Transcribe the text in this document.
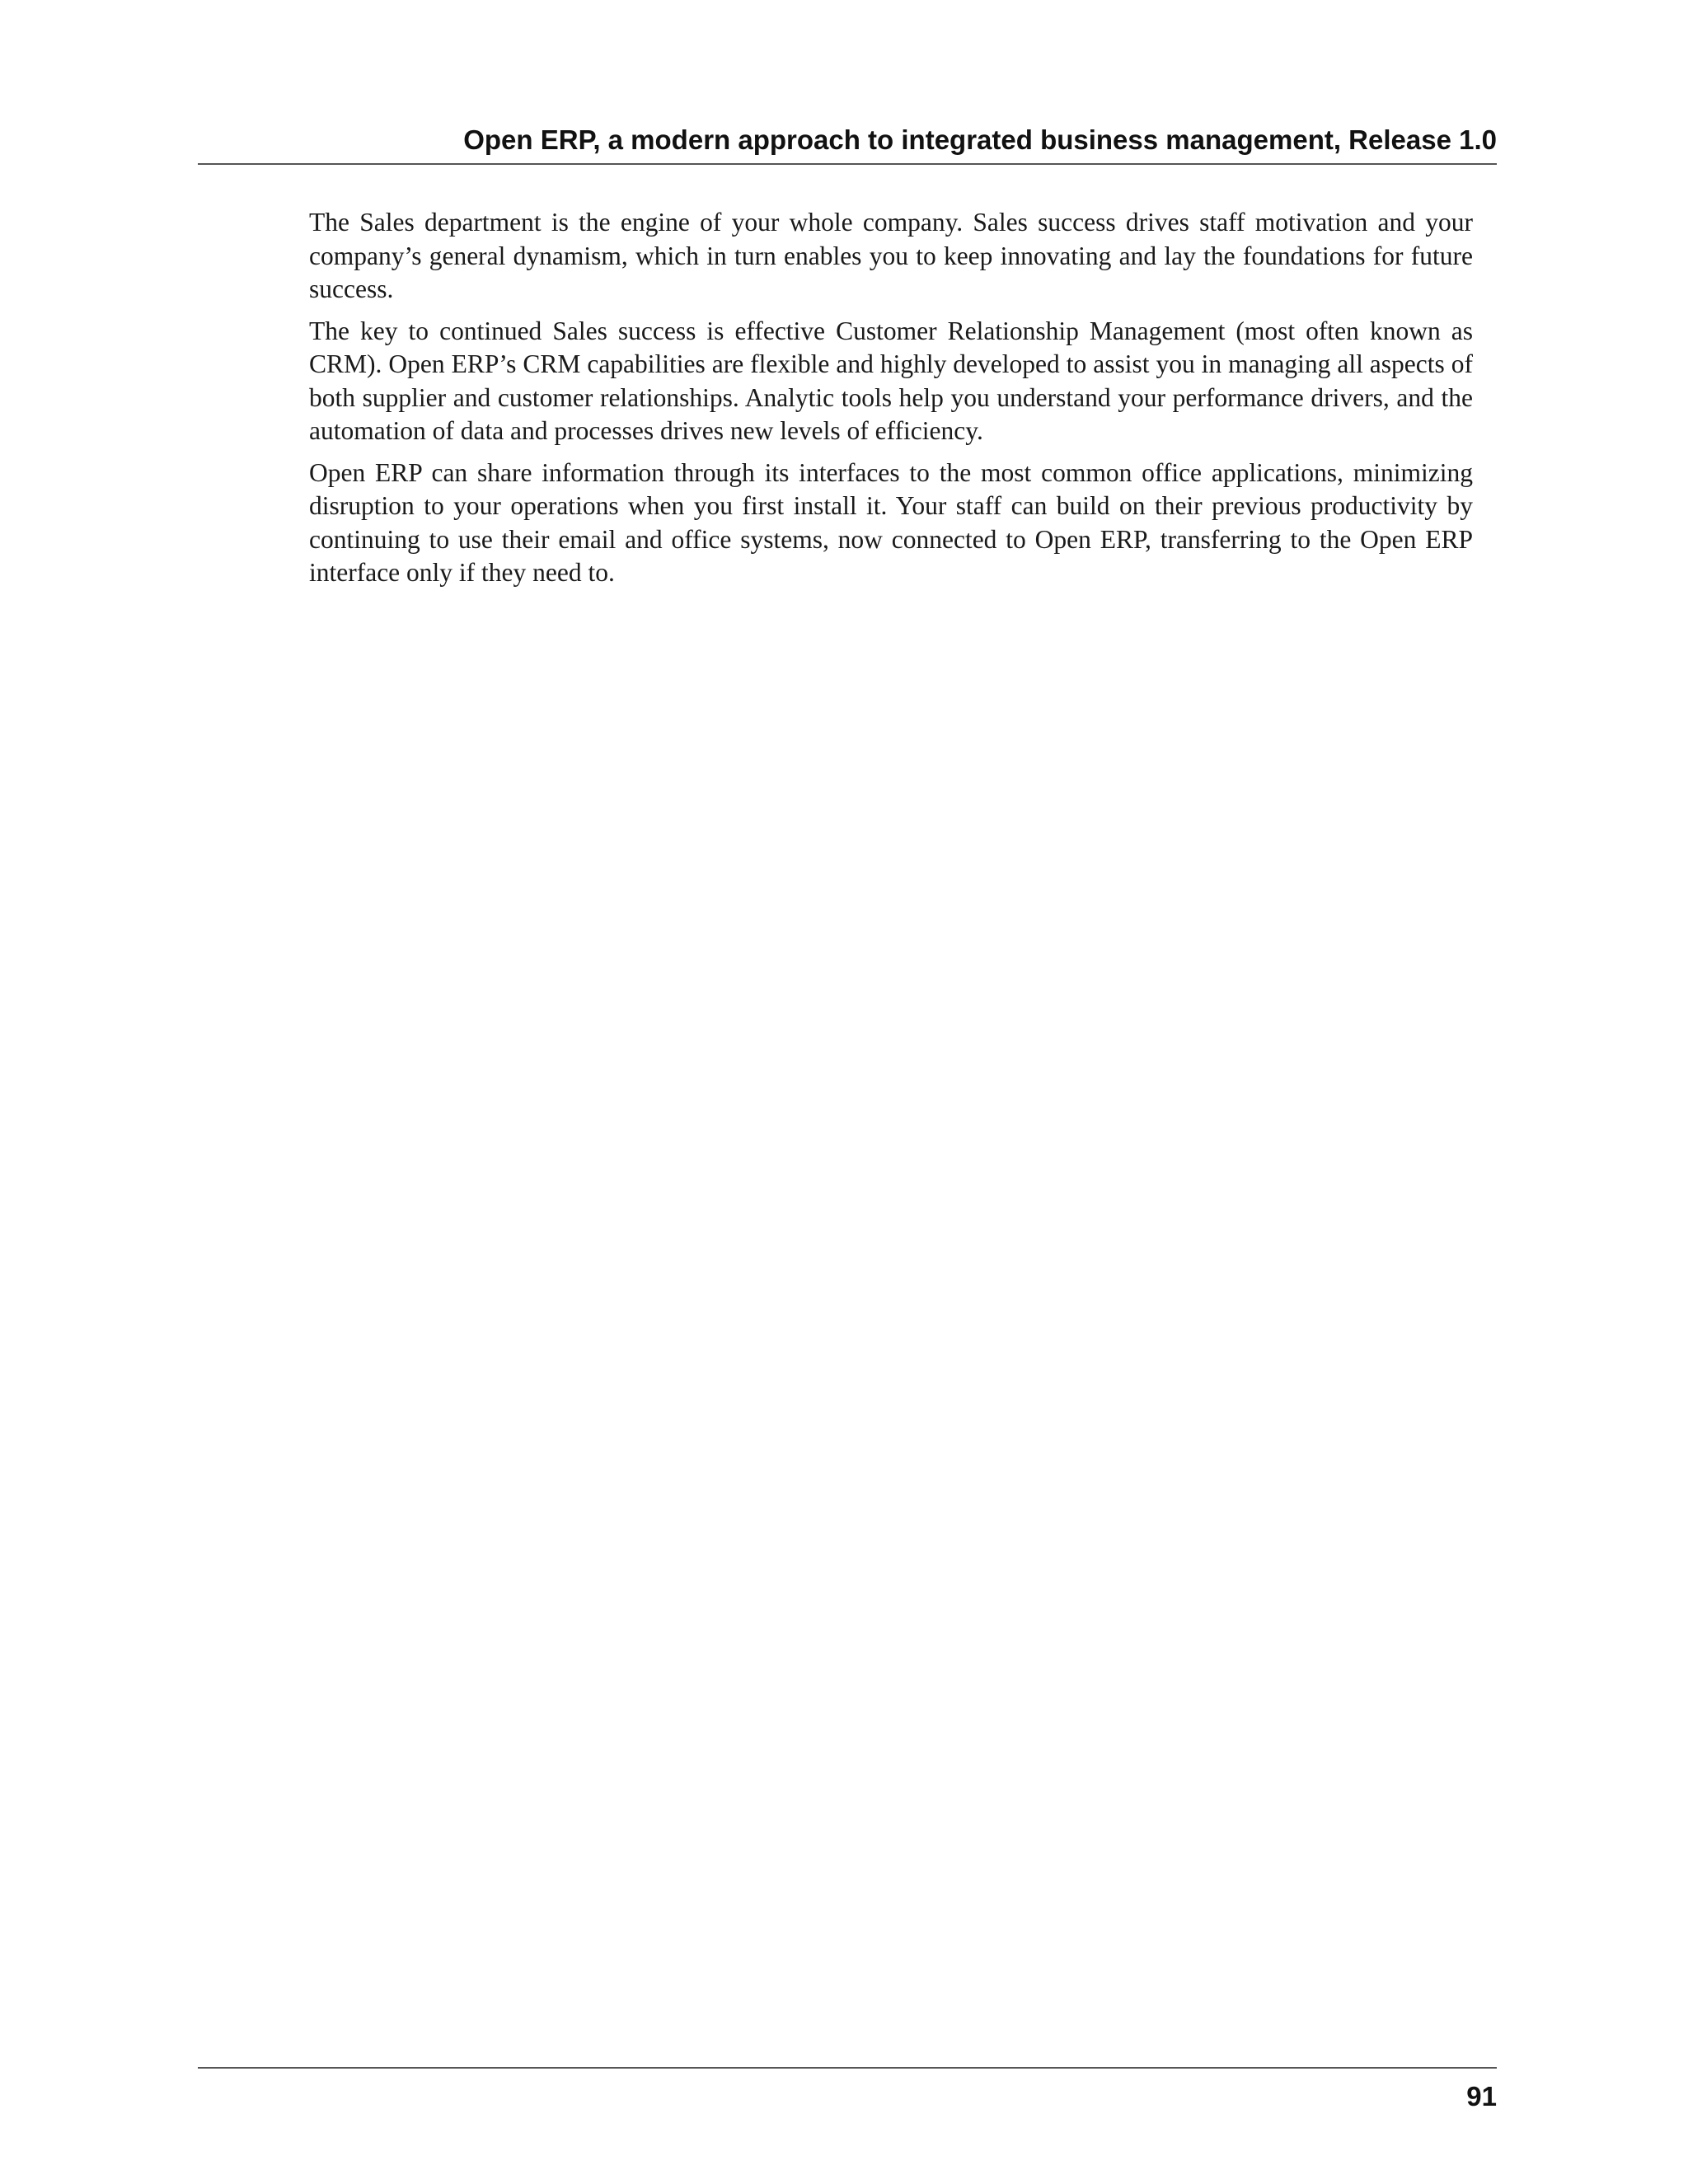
Open ERP, a modern approach to integrated business management, Release 1.0

The Sales department is the engine of your whole company. Sales success drives staff motivation and your company’s general dynamism, which in turn enables you to keep innovating and lay the foundations for future success.

The key to continued Sales success is effective Customer Relationship Management (most often known as CRM). Open ERP’s CRM capabilities are flexible and highly developed to assist you in managing all aspects of both supplier and customer relationships. Analytic tools help you understand your performance drivers, and the automation of data and processes drives new levels of efficiency.

Open ERP can share information through its interfaces to the most common office applications, minimizing disruption to your operations when you first install it. Your staff can build on their previous productivity by continuing to use their email and office systems, now connected to Open ERP, transferring to the Open ERP interface only if they need to.

91
